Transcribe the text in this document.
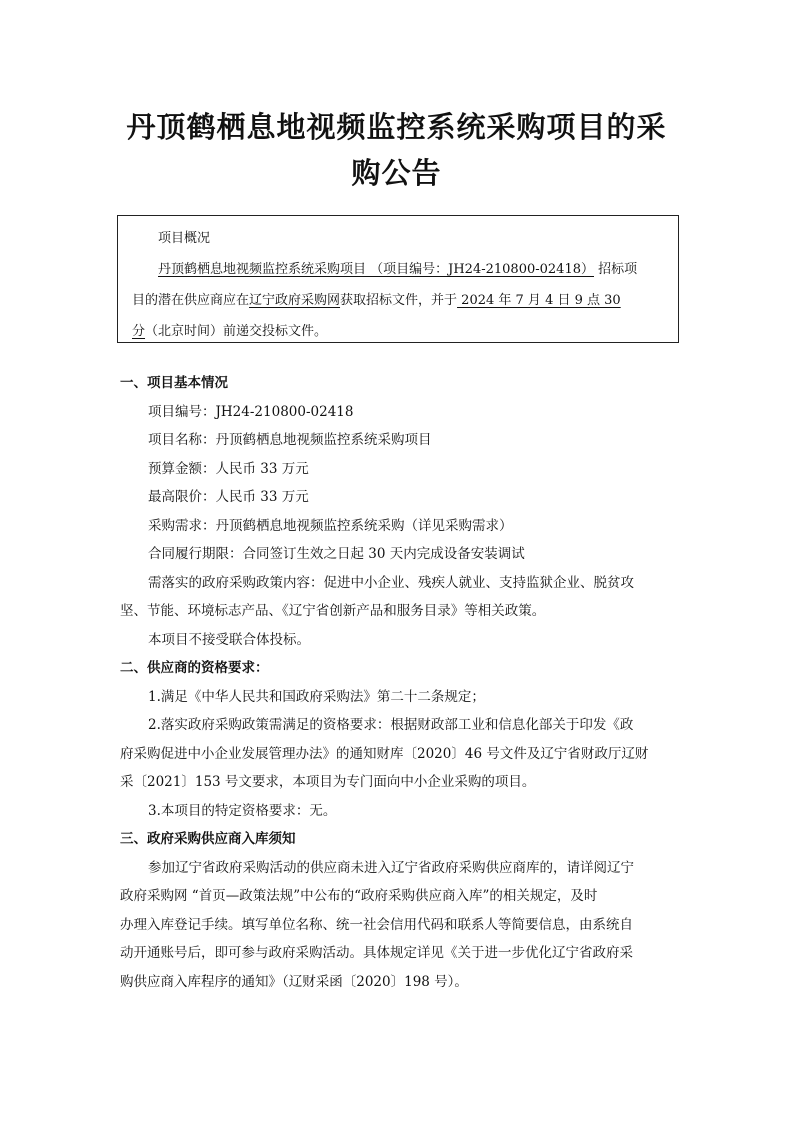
丹顶鹤栖息地视频监控系统采购项目的采
购公告
项目概况
丹顶鹤栖息地视频监控系统采购项目 （项目编号：JH24-210800-02418） 招标项
目的潜在供应商应在辽宁政府采购网获取招标文件，并于 2024 年 7 月 4 日 9 点 30
分（北京时间）前递交投标文件。
一、项目基本情况
项目编号：JH24-210800-02418
项目名称：丹顶鹤栖息地视频监控系统采购项目
预算金额：人民币 33 万元
最高限价：人民币 33 万元
采购需求：丹顶鹤栖息地视频监控系统采购（详见采购需求）
合同履行期限：合同签订生效之日起 30 天内完成设备安装调试
需落实的政府采购政策内容：促进中小企业、残疾人就业、支持监狱企业、脱贫攻
坚、节能、环境标志产品、《辽宁省创新产品和服务目录》等相关政策。
本项目不接受联合体投标。
二、供应商的资格要求：
1.满足《中华人民共和国政府采购法》第二十二条规定；
2.落实政府采购政策需满足的资格要求：根据财政部工业和信息化部关于印发《政
府采购促进中小企业发展管理办法》的通知财库〔2020〕46 号文件及辽宁省财政厅辽财
采〔2021〕153 号文要求，本项目为专门面向中小企业采购的项目。
3.本项目的特定资格要求：无。
三、政府采购供应商入库须知
参加辽宁省政府采购活动的供应商未进入辽宁省政府采购供应商库的，请详阅辽宁
政府采购网 “首页—政策法规”中公布的“政府采购供应商入库”的相关规定，及时
办理入库登记手续。填写单位名称、统一社会信用代码和联系人等简要信息，由系统自
动开通账号后，即可参与政府采购活动。具体规定详见《关于进一步优化辽宁省政府采
购供应商入库程序的通知》（辽财采函〔2020〕198 号）。
